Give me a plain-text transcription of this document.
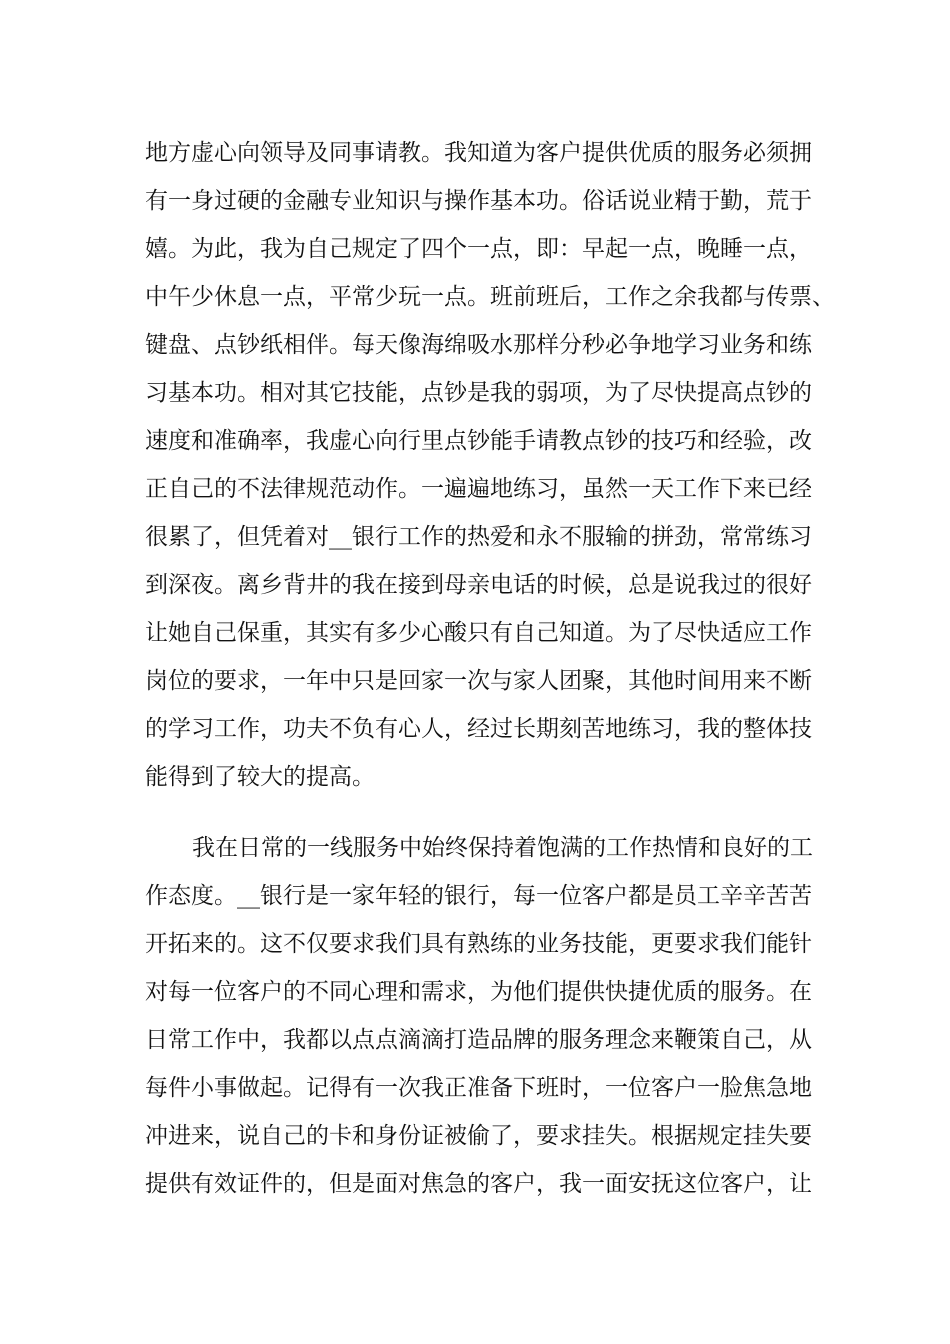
地方虚心向领导及同事请教。我知道为客户提供优质的服务必须拥
有一身过硬的金融专业知识与操作基本功。俗话说业精于勤，荒于
嬉。为此，我为自己规定了四个一点，即：早起一点，晚睡一点，
中午少休息一点，平常少玩一点。班前班后，工作之余我都与传票、
键盘、点钞纸相伴。每天像海绵吸水那样分秒必争地学习业务和练
习基本功。相对其它技能，点钞是我的弱项，为了尽快提高点钞的
速度和准确率，我虚心向行里点钞能手请教点钞的技巧和经验，改
正自己的不法律规范动作。一遍遍地练习，虽然一天工作下来已经
很累了，但凭着对__银行工作的热爱和永不服输的拼劲，常常练习
到深夜。离乡背井的我在接到母亲电话的时候，总是说我过的很好
让她自己保重，其实有多少心酸只有自己知道。为了尽快适应工作
岗位的要求，一年中只是回家一次与家人团聚，其他时间用来不断
的学习工作，功夫不负有心人，经过长期刻苦地练习，我的整体技
能得到了较大的提高。
我在日常的一线服务中始终保持着饱满的工作热情和良好的工
作态度。__银行是一家年轻的银行，每一位客户都是员工辛辛苦苦
开拓来的。这不仅要求我们具有熟练的业务技能，更要求我们能针
对每一位客户的不同心理和需求，为他们提供快捷优质的服务。在
日常工作中，我都以点点滴滴打造品牌的服务理念来鞭策自己，从
每件小事做起。记得有一次我正准备下班时，一位客户一脸焦急地
冲进来，说自己的卡和身份证被偷了，要求挂失。根据规定挂失要
提供有效证件的，但是面对焦急的客户，我一面安抚这位客户，让
